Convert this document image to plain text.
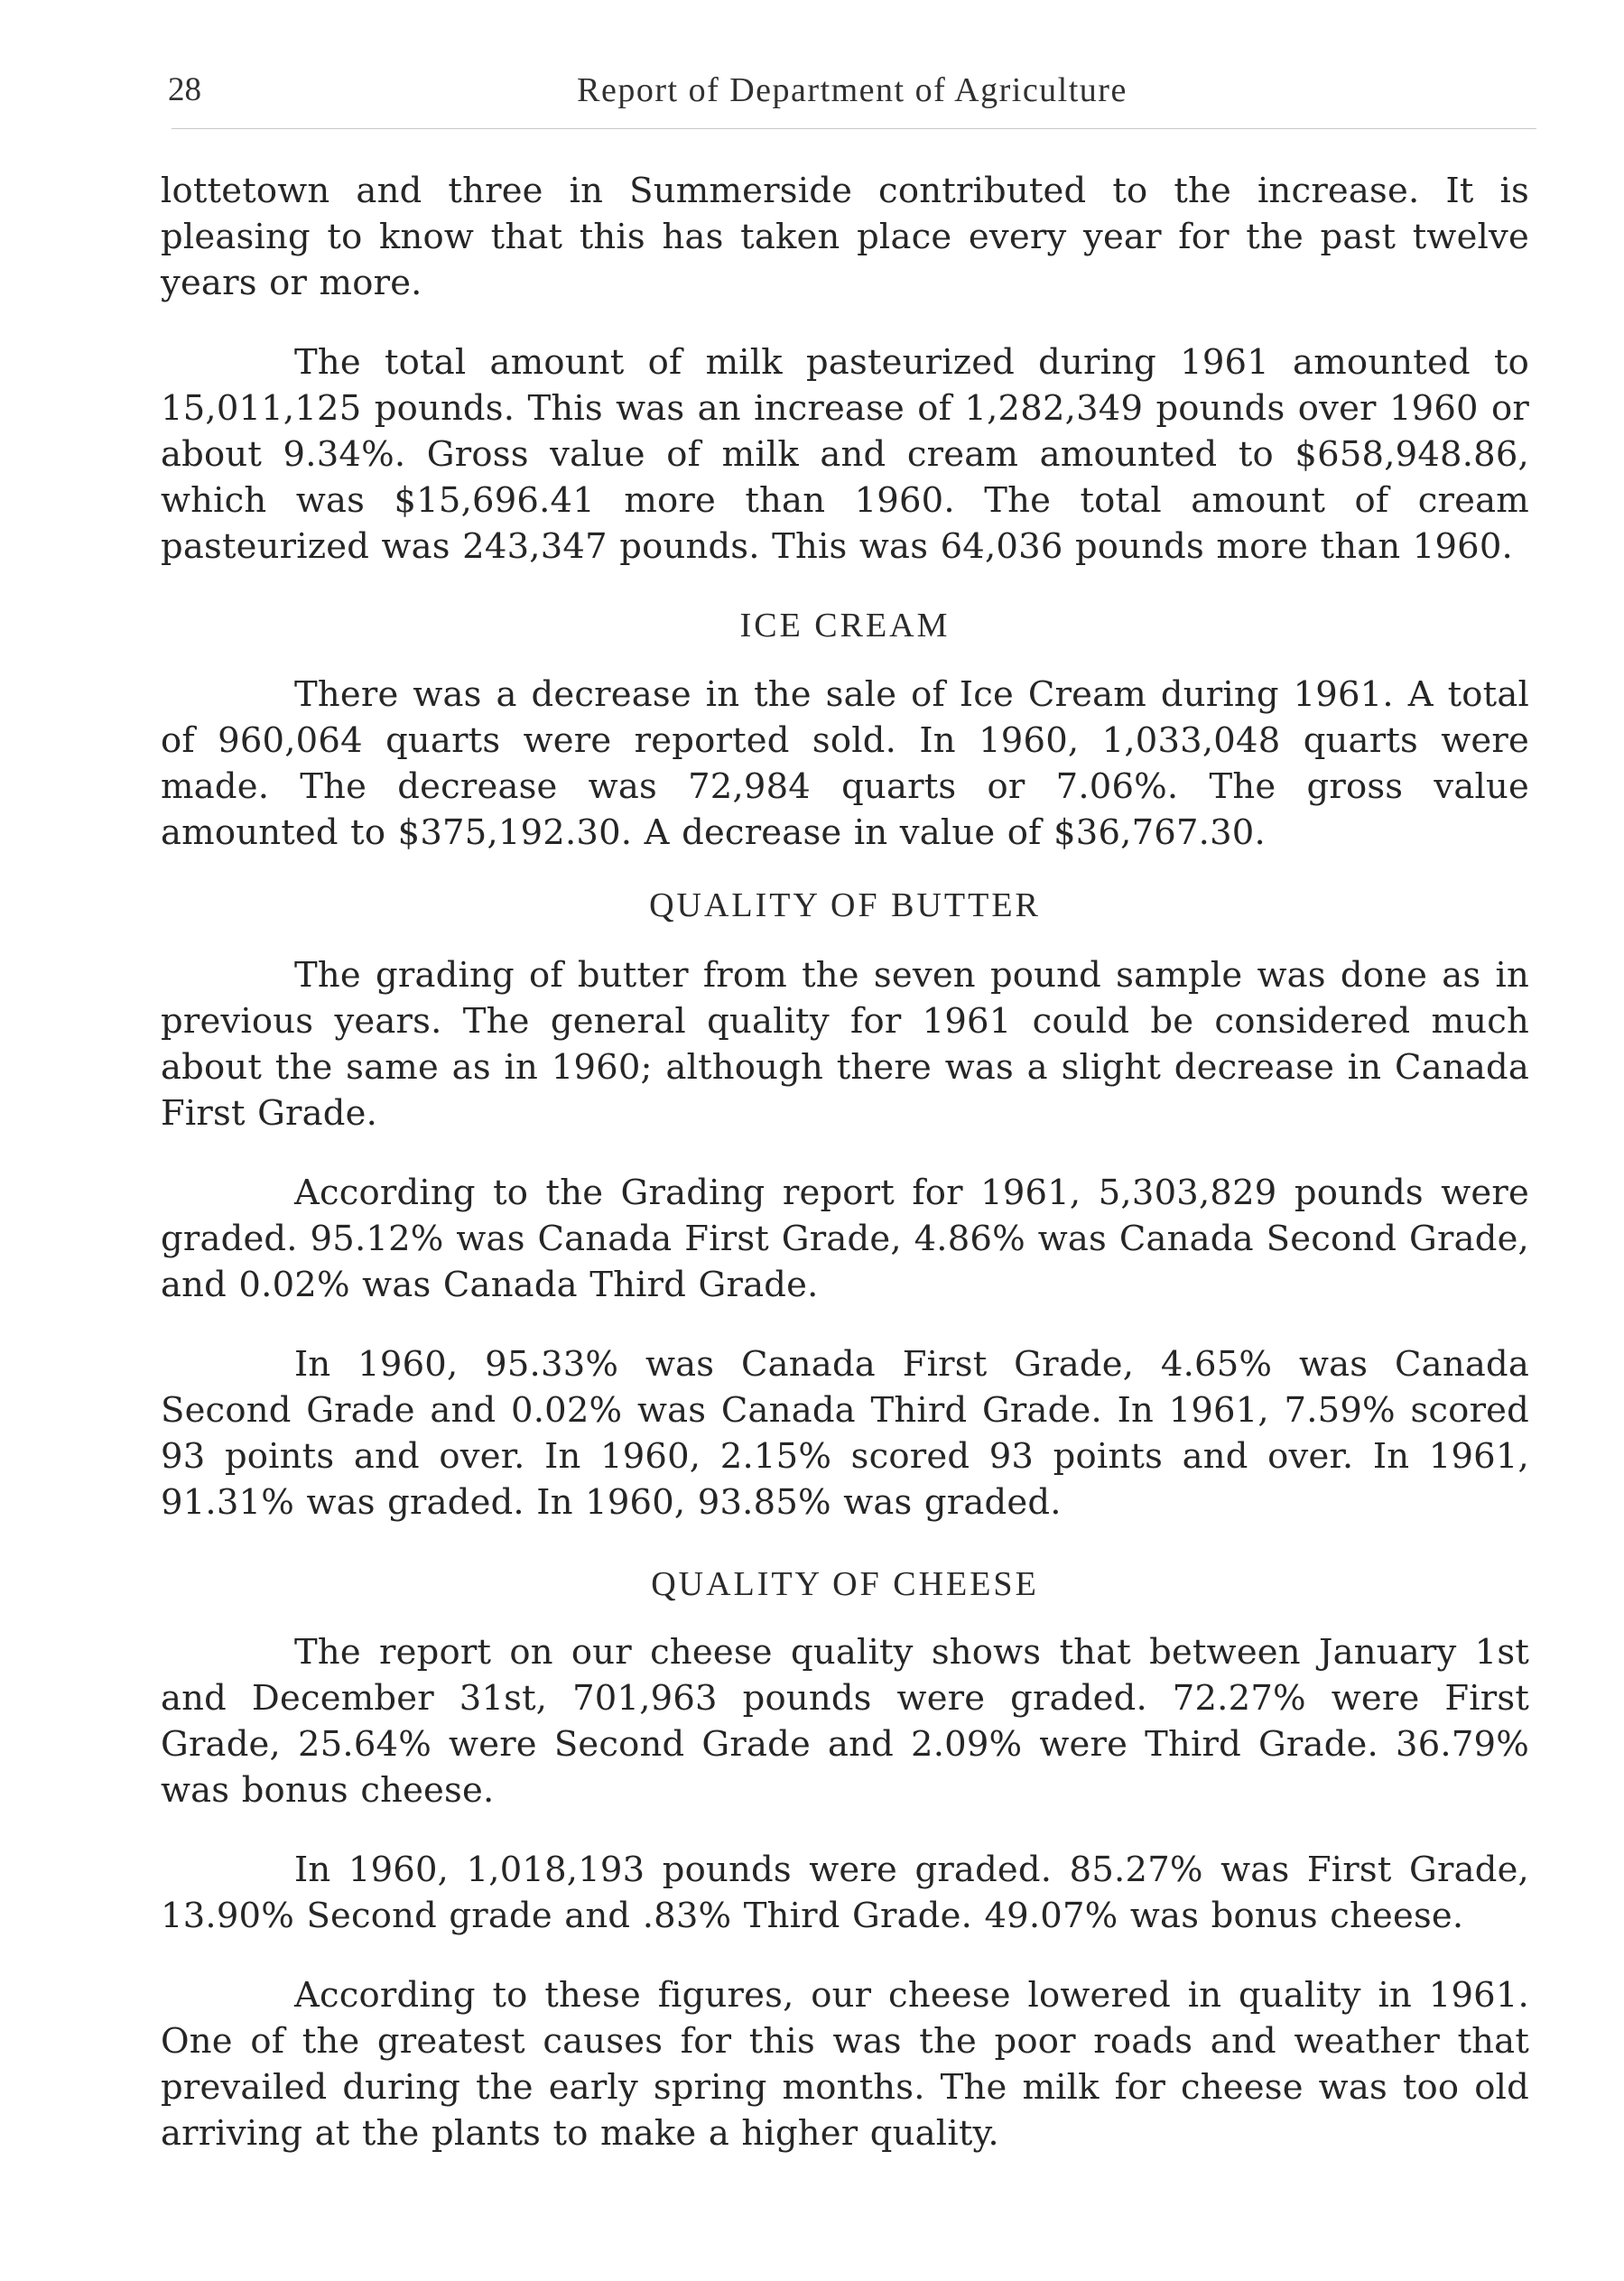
28	Report of Department of Agriculture

lottetown and three in Summerside contributed to the increase. It is pleasing to know that this has taken place every year for the past twelve years or more.

The total amount of milk pasteurized during 1961 amounted to 15,011,125 pounds. This was an increase of 1,282,349 pounds over 1960 or about 9.34%. Gross value of milk and cream amounted to $658,948.86, which was $15,696.41 more than 1960. The total amount of cream pasteurized was 243,347 pounds. This was 64,036 pounds more than 1960.

ICE CREAM

There was a decrease in the sale of Ice Cream during 1961. A total of 960,064 quarts were reported sold. In 1960, 1,033,048 quarts were made. The decrease was 72,984 quarts or 7.06%. The gross value amounted to $375,192.30. A decrease in value of $36,767.30.

QUALITY OF BUTTER

The grading of butter from the seven pound sample was done as in previous years. The general quality for 1961 could be considered much about the same as in 1960; although there was a slight decrease in Canada First Grade.

According to the Grading report for 1961, 5,303,829 pounds were graded. 95.12% was Canada First Grade, 4.86% was Canada Second Grade, and 0.02% was Canada Third Grade.

In 1960, 95.33% was Canada First Grade, 4.65% was Canada Second Grade and 0.02% was Canada Third Grade. In 1961, 7.59% scored 93 points and over. In 1960, 2.15% scored 93 points and over. In 1961, 91.31% was graded. In 1960, 93.85% was graded.

QUALITY OF CHEESE

The report on our cheese quality shows that between January 1st and December 31st, 701,963 pounds were graded. 72.27% were First Grade, 25.64% were Second Grade and 2.09% were Third Grade. 36.79% was bonus cheese.

In 1960, 1,018,193 pounds were graded. 85.27% was First Grade, 13.90% Second grade and .83% Third Grade. 49.07% was bonus cheese.

According to these figures, our cheese lowered in quality in 1961. One of the greatest causes for this was the poor roads and weather that prevailed during the early spring months. The milk for cheese was too old arriving at the plants to make a higher quality.
